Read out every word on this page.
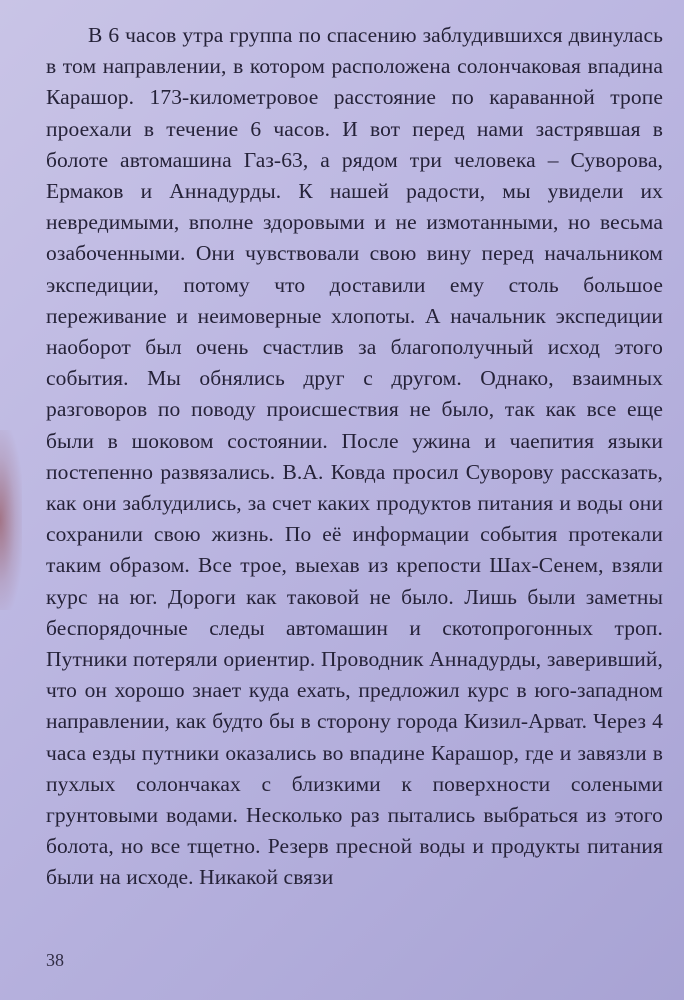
В 6 часов утра группа по спасению заблудившихся двинулась в том направлении, в котором расположена солончаковая впадина Карашор. 173-километровое расстояние по караванной тропе проехали в течение 6 часов. И вот перед нами застрявшая в болоте автомашина Газ-63, а рядом три человека – Суворова, Ермаков и Аннадурды. К нашей радости, мы увидели их невредимыми, вполне здоровыми и не измотанными, но весьма озабоченными. Они чувствовали свою вину перед начальником экспедиции, потому что доставили ему столь большое переживание и неимоверные хлопоты. А начальник экспедиции наоборот был очень счастлив за благополучный исход этого события. Мы обнялись друг с другом. Однако, взаимных разговоров по поводу происшествия не было, так как все еще были в шоковом состоянии. После ужина и чаепития языки постепенно развязались. В.А. Ковда просил Суворову рассказать, как они заблудились, за счет каких продуктов питания и воды они сохранили свою жизнь. По её информации события протекали таким образом. Все трое, выехав из крепости Шах-Сенем, взяли курс на юг. Дороги как таковой не было. Лишь были заметны беспорядочные следы автомашин и скотопрогонных троп. Путники потеряли ориентир. Проводник Аннадурды, заверивший, что он хорошо знает куда ехать, предложил курс в юго-западном направлении, как будто бы в сторону города Кизил-Арват. Через 4 часа езды путники оказались во впадине Карашор, где и завязли в пухлых солончаках с близкими к поверхности солеными грунтовыми водами. Несколько раз пытались выбраться из этого болота, но все тщетно. Резерв пресной воды и продукты питания были на исходе. Никакой связи

38
